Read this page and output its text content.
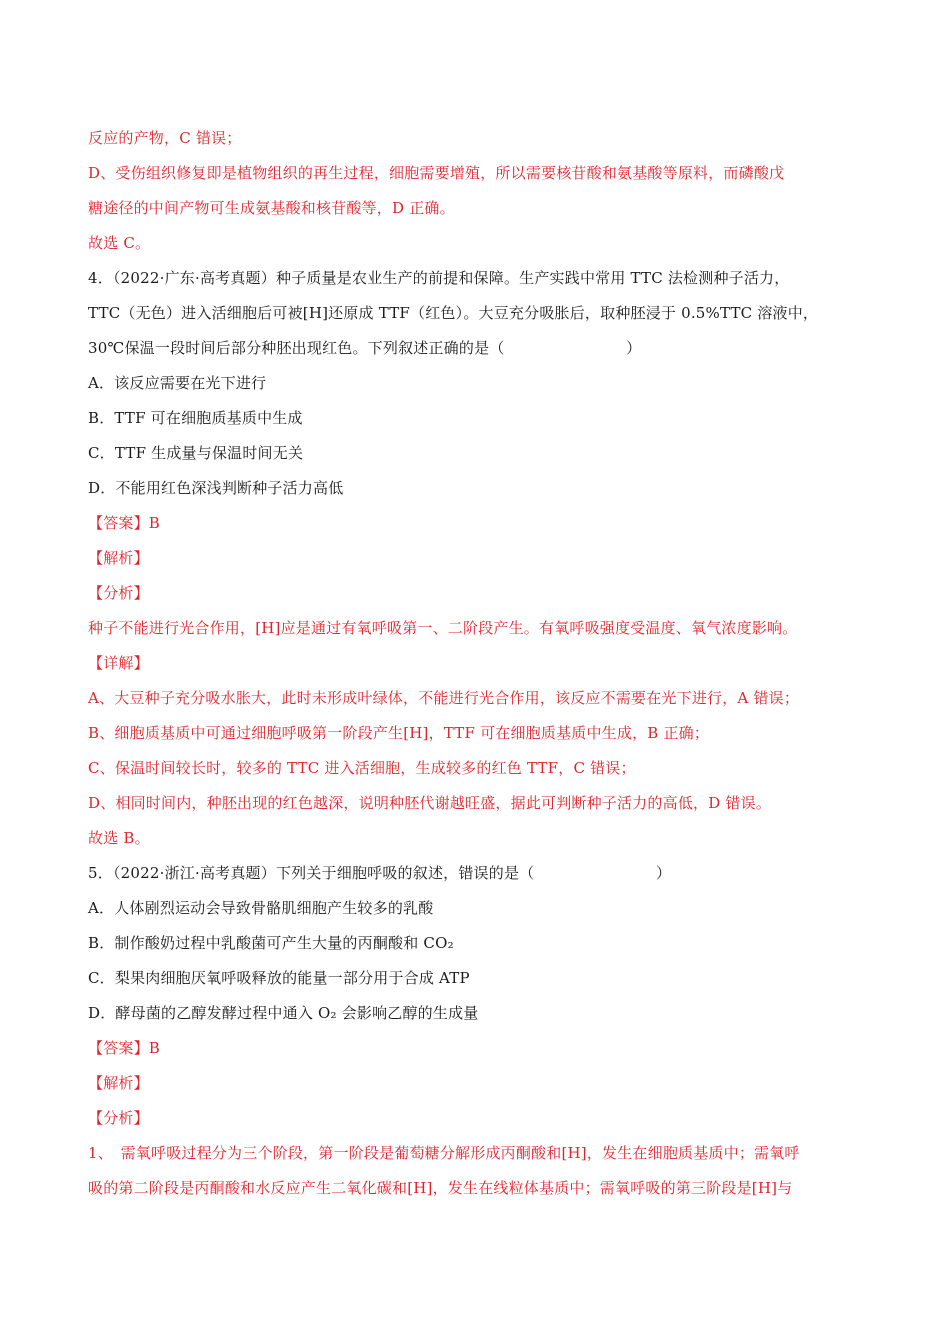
反应的产物，C 错误；
D、受伤组织修复即是植物组织的再生过程，细胞需要增殖，所以需要核苷酸和氨基酸等原料，而磷酸戊
糖途径的中间产物可生成氨基酸和核苷酸等，D 正确。
故选 C。
4．（2022·广东·高考真题）种子质量是农业生产的前提和保障。生产实践中常用 TTC 法检测种子活力，
TTC（无色）进入活细胞后可被[H]还原成 TTF（红色）。大豆充分吸胀后，取种胚浸于 0.5%TTC 溶液中，
30℃保温一段时间后部分种胚出现红色。下列叙述正确的是（　　　　　　　　）
A．该反应需要在光下进行
B．TTF 可在细胞质基质中生成
C．TTF 生成量与保温时间无关
D．不能用红色深浅判断种子活力高低
【答案】B
【解析】
【分析】
种子不能进行光合作用，[H]应是通过有氧呼吸第一、二阶段产生。有氧呼吸强度受温度、氧气浓度影响。
【详解】
A、大豆种子充分吸水胀大，此时未形成叶绿体，不能进行光合作用，该反应不需要在光下进行，A 错误；
B、细胞质基质中可通过细胞呼吸第一阶段产生[H]，TTF 可在细胞质基质中生成，B 正确；
C、保温时间较长时，较多的 TTC 进入活细胞，生成较多的红色 TTF，C 错误；
D、相同时间内，种胚出现的红色越深，说明种胚代谢越旺盛，据此可判断种子活力的高低，D 错误。
故选 B。
5．（2022·浙江·高考真题）下列关于细胞呼吸的叙述，错误的是（　　　　　　　　）
A．人体剧烈运动会导致骨骼肌细胞产生较多的乳酸
B．制作酸奶过程中乳酸菌可产生大量的丙酮酸和 CO₂
C．梨果肉细胞厌氧呼吸释放的能量一部分用于合成 ATP
D．酵母菌的乙醇发酵过程中通入 O₂ 会影响乙醇的生成量
【答案】B
【解析】
【分析】
1、　需氧呼吸过程分为三个阶段，第一阶段是葡萄糖分解形成丙酮酸和[H]，发生在细胞质基质中；需氧呼
吸的第二阶段是丙酮酸和水反应产生二氧化碳和[H]，发生在线粒体基质中；需氧呼吸的第三阶段是[H]与
